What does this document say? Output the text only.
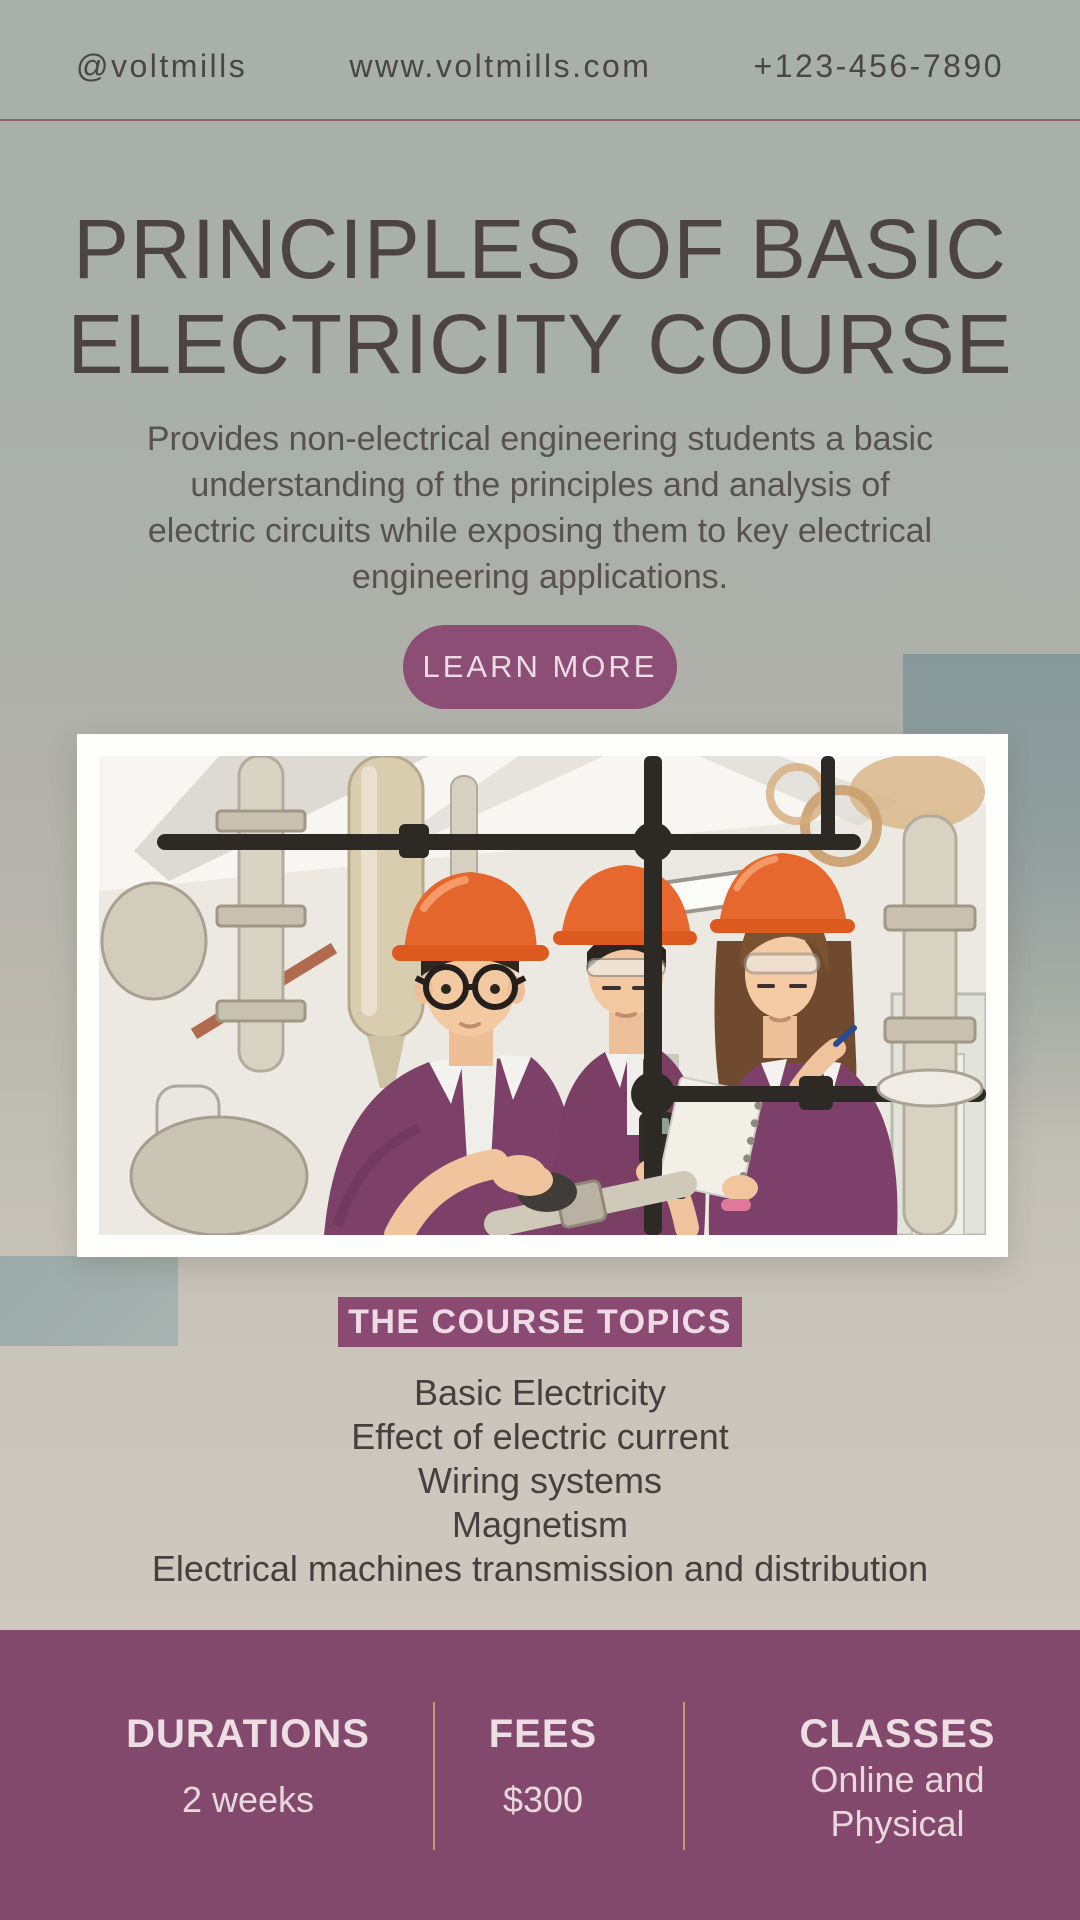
@voltmills	www.voltmills.com	+123-456-7890
PRINCIPLES OF BASIC
ELECTRICITY COURSE
Provides non-electrical engineering students a basic
understanding of the principles and analysis of
electric circuits while exposing them to key electrical
engineering applications.
LEARN MORE
THE COURSE TOPICS
Basic Electricity
Effect of electric current
Wiring systems
Magnetism
Electrical machines transmission and distribution
DURATIONS
2 weeks
FEES
$300
CLASSES
Online and Physical
